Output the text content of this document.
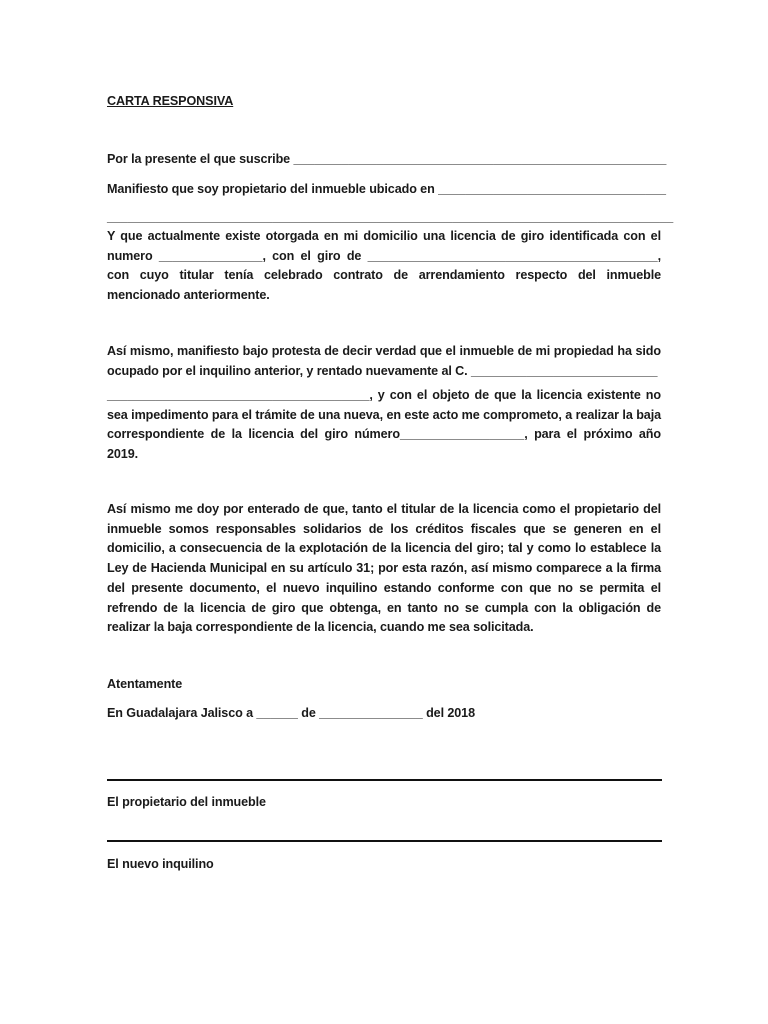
CARTA RESPONSIVA
Por la presente el que suscribe ______________________________________________________
Manifiesto que soy propietario del inmueble ubicado en _________________________________
__________________________________________________________________________________
Y que actualmente existe otorgada en mi domicilio una licencia de giro identificada con el numero _______________, con el giro de __________________________________________, con cuyo titular tenía celebrado contrato de arrendamiento respecto del inmueble mencionado anteriormente.
Así mismo, manifiesto bajo protesta de decir verdad que el inmueble de mi propiedad ha sido ocupado por el inquilino anterior, y rentado nuevamente al C. ___________________________
______________________________________, y con el objeto de que la licencia existente no sea impedimento para el trámite de una nueva, en este acto me comprometo, a realizar la baja correspondiente de la licencia del giro número__________________, para el próximo año 2019.
Así mismo me doy por enterado de que, tanto el titular de la licencia como el propietario del inmueble somos responsables solidarios de los créditos fiscales que se generen en el domicilio, a consecuencia de la explotación de la licencia del giro; tal y como lo establece la Ley de Hacienda Municipal en su artículo 31; por esta razón, así mismo comparece a la firma del presente documento, el nuevo inquilino estando conforme con que no se permita el refrendo de la licencia de giro que obtenga, en tanto no se cumpla con la obligación de realizar la baja correspondiente de la licencia, cuando me sea solicitada.
Atentamente
En Guadalajara Jalisco a ______ de _______________ del 2018
El propietario del inmueble
El nuevo inquilino
